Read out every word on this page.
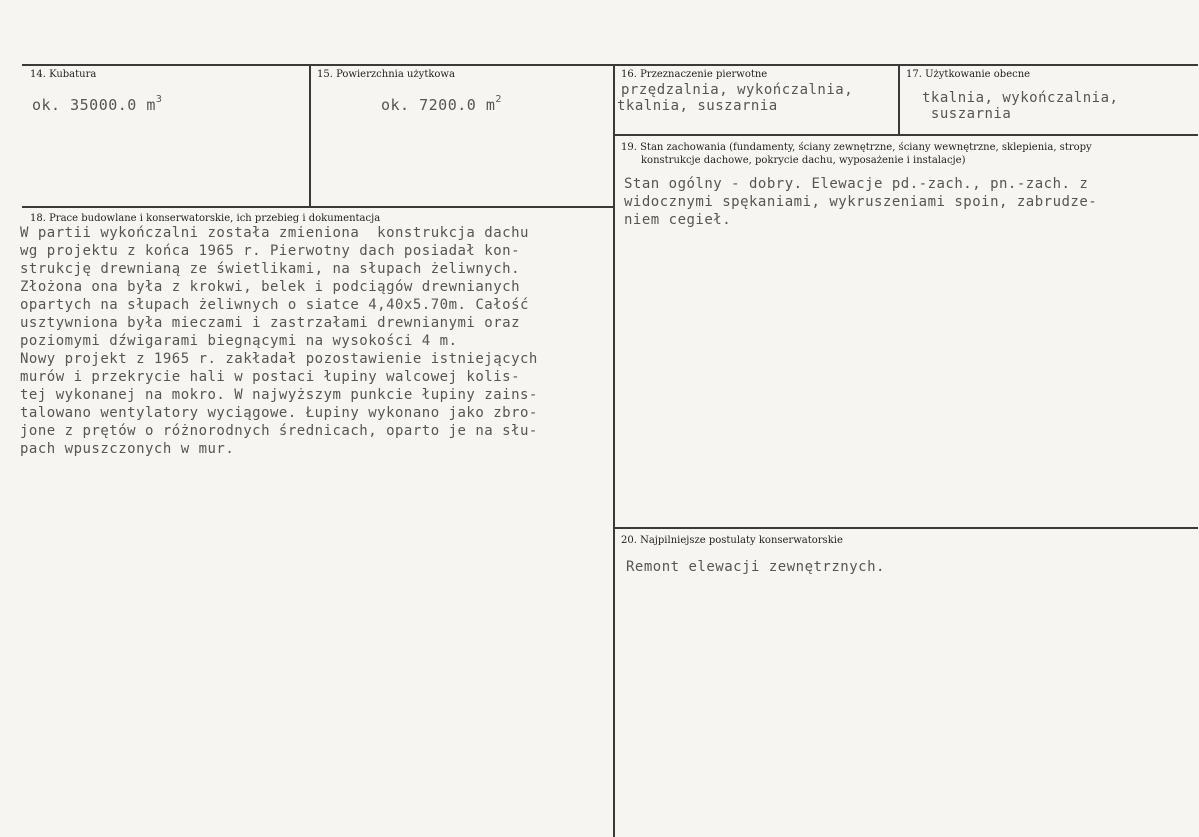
14. Kubatura
ok. 35000.0 $m^3$
15. Powierzchnia użytkowa
ok. 7200.0 $m^2$
16. Przeznaczenie pierwotne
przędzalnia, wykończalnia,
tkalnia, suszarnia
17. Użytkowanie obecne
tkalnia, wykończalnia,
suszarnia
18. Prace budowlane i konserwatorskie, ich przebieg i dokumentacja
W partii wykończalni została zmieniona  konstrukcja dachu
wg projektu z końca 1965 r. Pierwotny dach posiadał kon-
strukcję drewnianą ze świetlikami, na słupach żeliwnych.
Złożona ona była z krokwi, belek i podciągów drewnianych
opartych na słupach żeliwnych o siatce 4,40x5.70m. Całość
usztywniona była mieczami i zastrzałami drewnianymi oraz
poziomymi dźwigarami biegnącymi na wysokości 4 m.
Nowy projekt z 1965 r. zakładał pozostawienie istniejących
murów i przekrycie hali w postaci łupiny walcowej kolis-
tej wykonanej na mokro. W najwyższym punkcie łupiny zains-
talowano wentylatory wyciągowe. Łupiny wykonano jako zbro-
jone z prętów o różnorodnych średnicach, oparto je na słu-
pach wpuszczonych w mur.
19. Stan zachowania (fundamenty, ściany zewnętrzne, ściany wewnętrzne, sklepienia, stropy
konstrukcje dachowe, pokrycie dachu, wyposażenie i instalacje)
Stan ogólny - dobry. Elewacje pd.-zach., pn.-zach. z
widocznymi spękaniami, wykruszeniami spoin, zabrudze-
niem cegieł.
20. Najpilniejsze postulaty konserwatorskie
Remont elewacji zewnętrznych.
